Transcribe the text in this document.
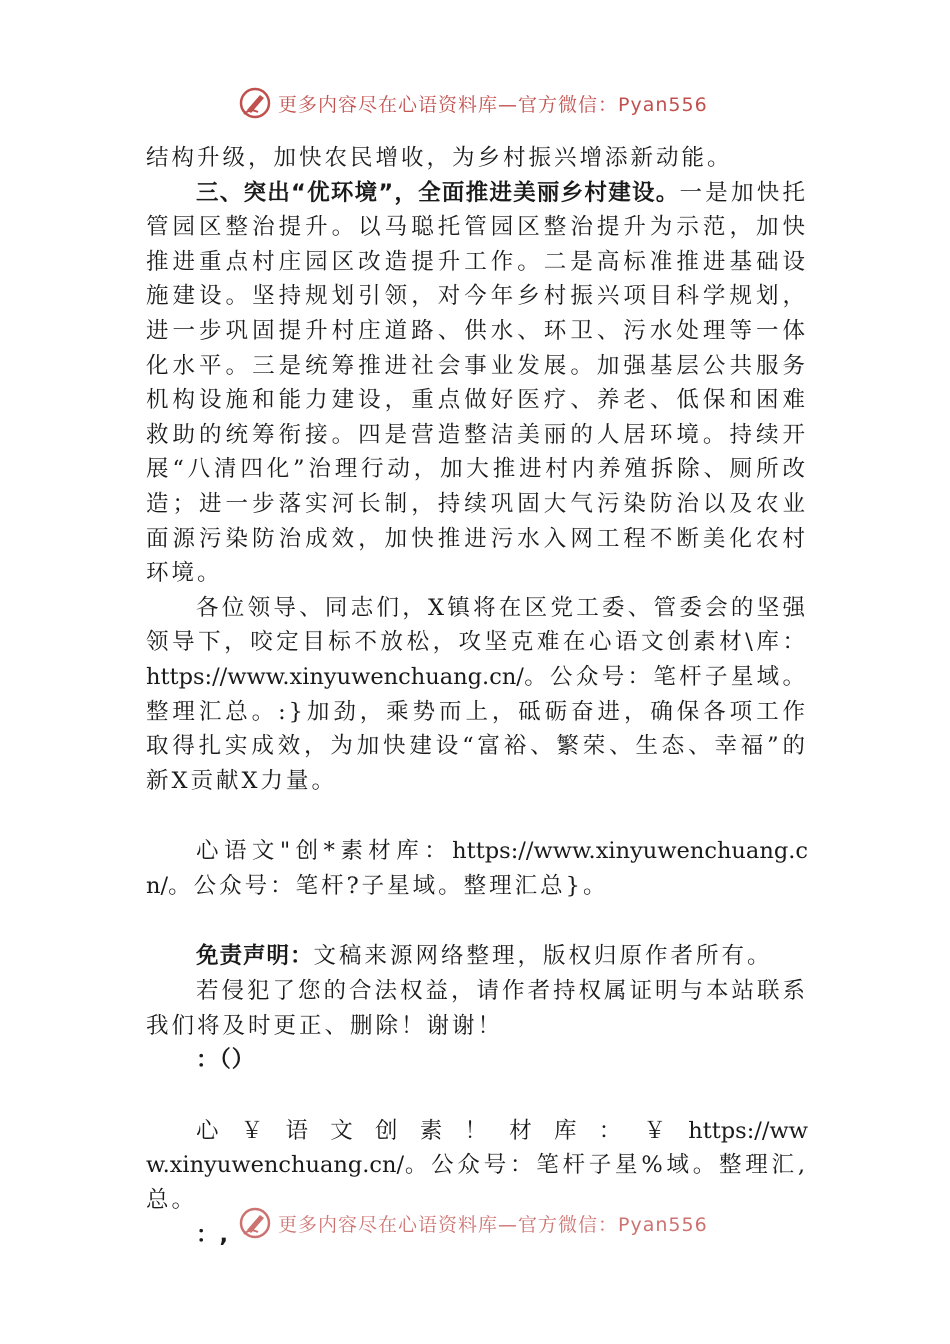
更多内容尽在心语资料库—官方微信：Pyan556

结构升级，加快农民增收，为乡村振兴增添新动能。

三、突出“优环境”，全面推进美丽乡村建设。一是加快托管园区整治提升。以马聪托管园区整治提升为示范，加快推进重点村庄园区改造提升工作。二是高标准推进基础设施建设。坚持规划引领，对今年乡村振兴项目科学规划，进一步巩固提升村庄道路、供水、环卫、污水处理等一体化水平。三是统筹推进社会事业发展。加强基层公共服务机构设施和能力建设，重点做好医疗、养老、低保和困难救助的统筹衔接。四是营造整洁美丽的人居环境。持续开展“八清四化”治理行动，加大推进村内养殖拆除、厕所改造；进一步落实河长制，持续巩固大气污染防治以及农业面源污染防治成效，加快推进污水入网工程不断美化农村环境。

各位领导、同志们，X镇将在区党工委、管委会的坚强领导下，咬定目标不放松，攻坚克难在心语文创素材\库：https://www.xinyuwenchuang.cn/。公众号：笔杆子星域。整理汇总。:}加劲，乘势而上，砥砺奋进，确保各项工作取得扎实成效，为加快建设“富裕、繁荣、生态、幸福”的新X贡献X力量。

心语文"创*素材库：https://www.xinyuwenchuang.cn/。公众号：笔杆?子星域。整理汇总}。

免责声明：文稿来源网络整理，版权归原作者所有。

若侵犯了您的合法权益，请作者持权属证明与本站联系我们将及时更正、删除！谢谢！

：（）

心￥语文创素！材库：￥https://www.xinyuwenchuang.cn/。公众号：笔杆子星%域。整理汇,总。

：,	更多内容尽在心语资料库—官方微信：Pyan556
